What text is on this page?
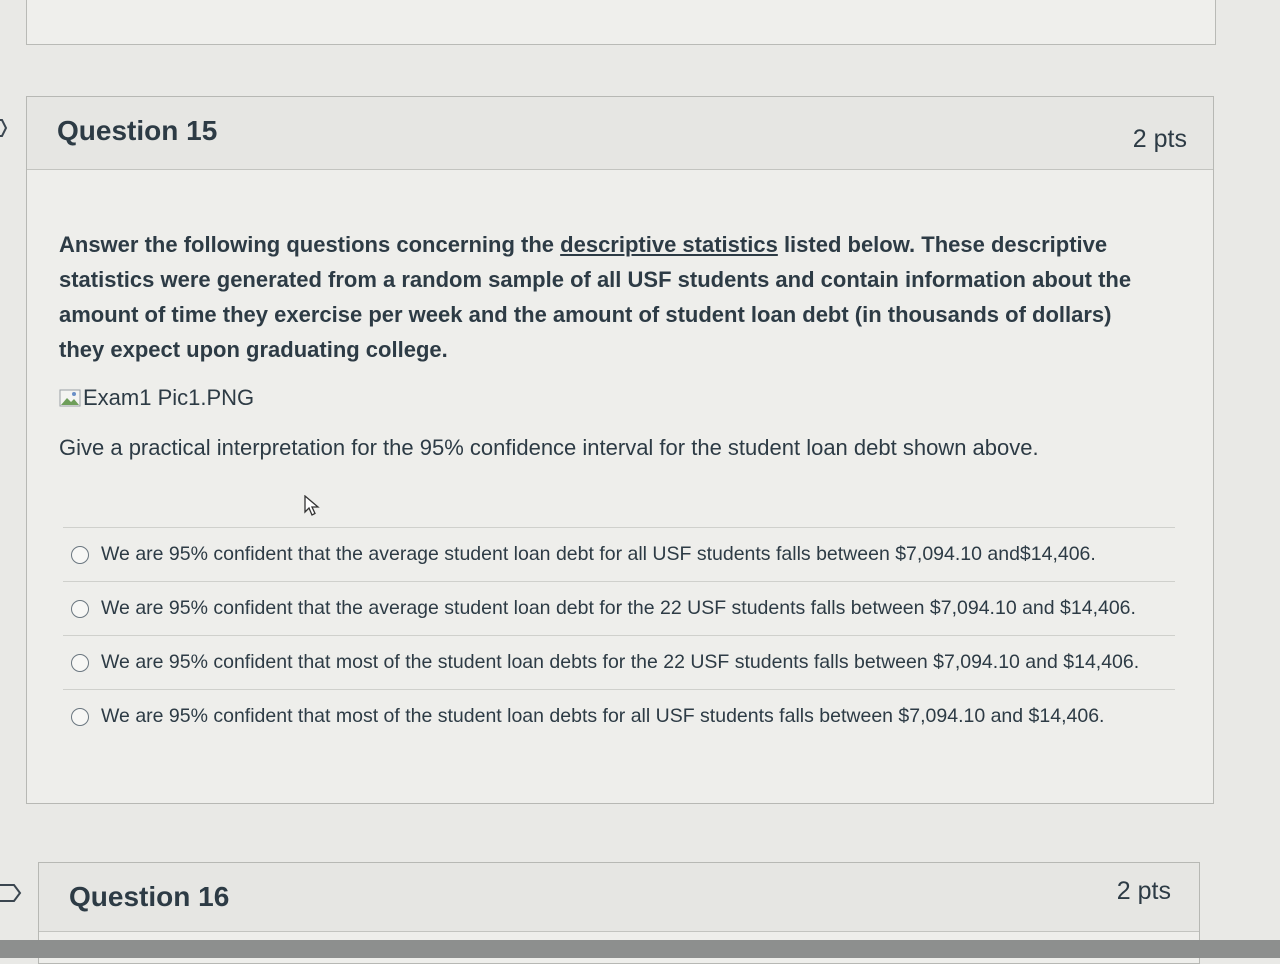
Question 15	2 pts

Answer the following questions concerning the descriptive statistics listed below. These descriptive statistics were generated from a random sample of all USF students and contain information about the amount of time they exercise per week and the amount of student loan debt (in thousands of dollars) they expect upon graduating college.

Exam1 Pic1.PNG
Give a practical interpretation for the 95% confidence interval for the student loan debt shown above.
We are 95% confident that the average student loan debt for all USF students falls between $7,094.10 and$14,406.
We are 95% confident that the average student loan debt for the 22 USF students falls between $7,094.10 and $14,406.
We are 95% confident that most of the student loan debts for the 22 USF students falls between $7,094.10 and $14,406.
We are 95% confident that most of the student loan debts for all USF students falls between $7,094.10 and $14,406.
Question 16	2 pts
